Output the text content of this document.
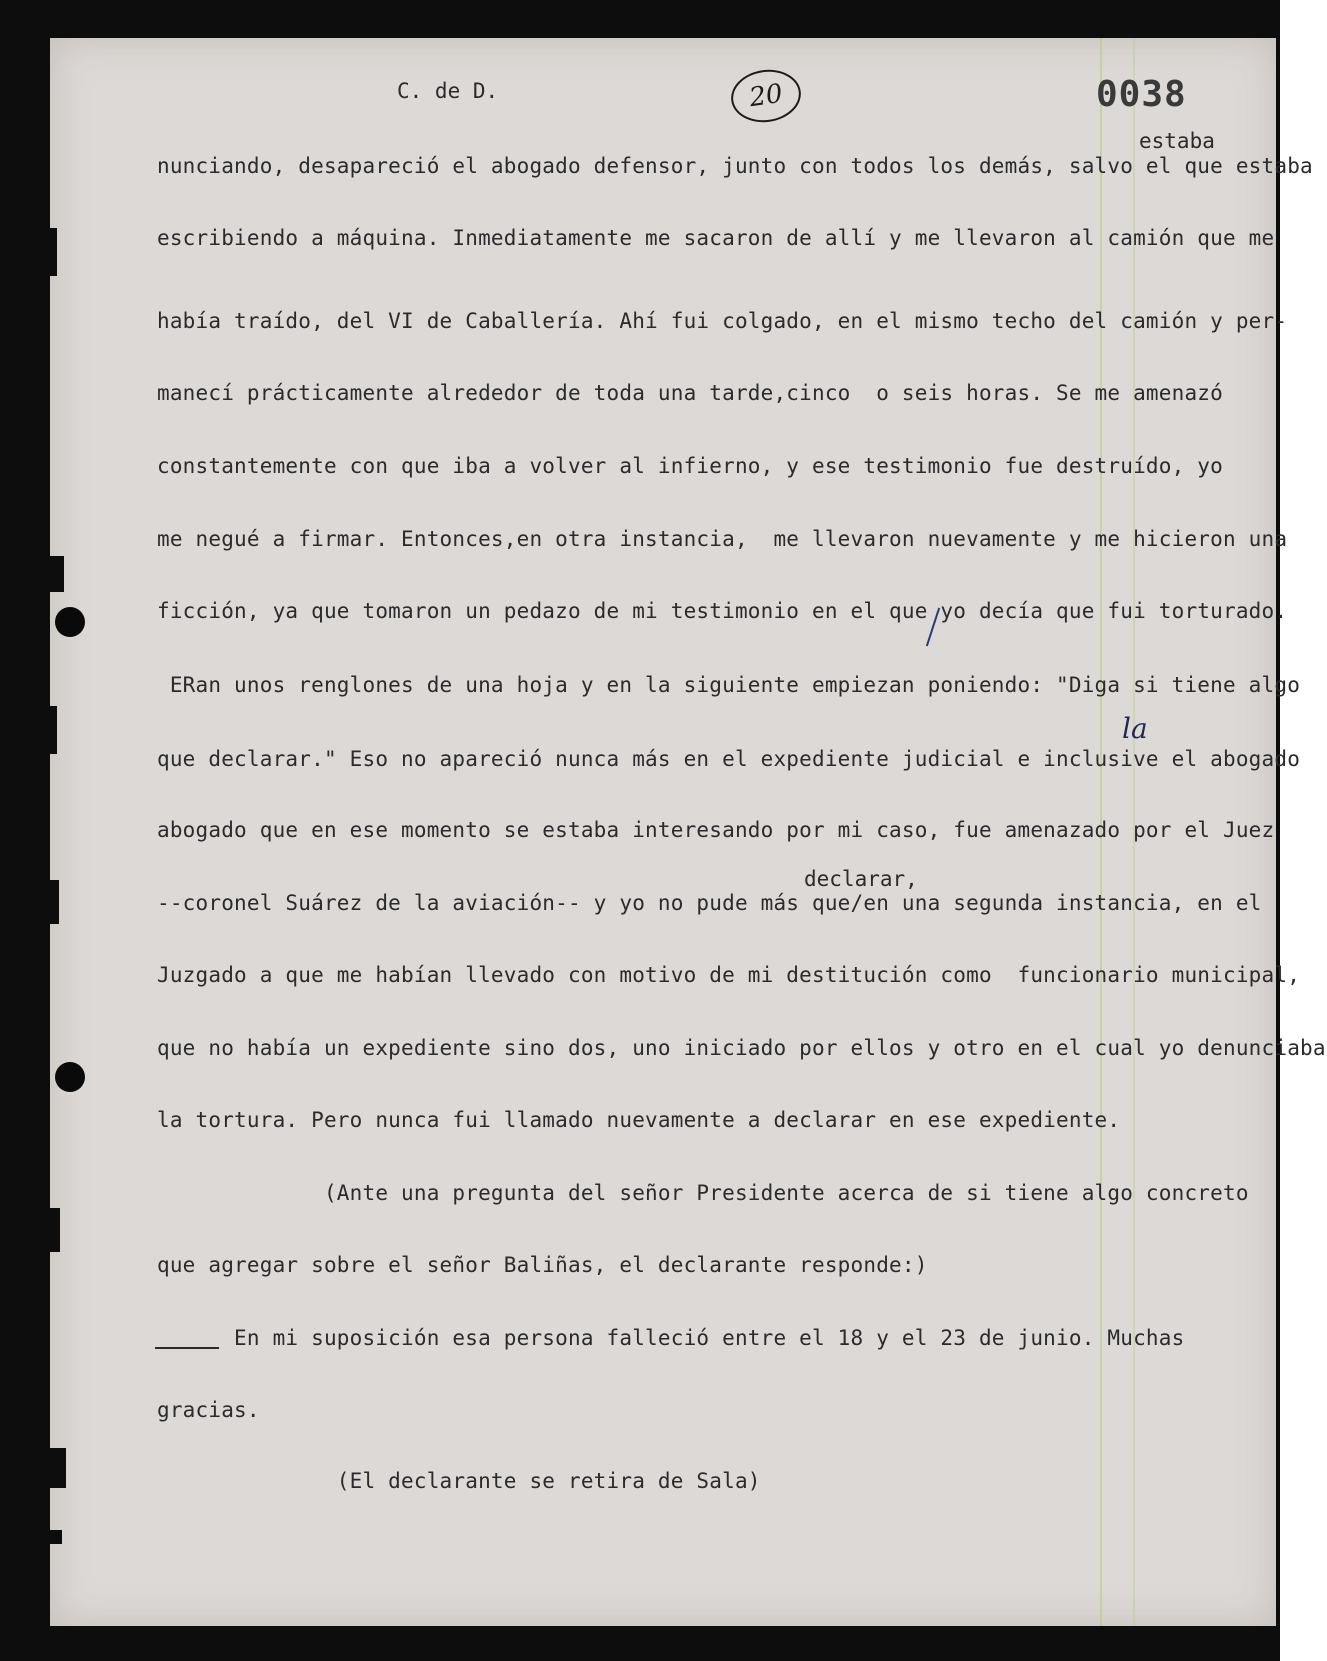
C. de D.	20	0038
estaba
la
declarar,
nunciando, desapareció el abogado defensor, junto con todos los demás, salvo el que estaba
escribiendo a máquina. Inmediatamente me sacaron de allí y me llevaron al camión que me
había traído, del VI de Caballería. Ahí fui colgado, en el mismo techo del camión y per-
manecí prácticamente alrededor de toda una tarde,cinco  o seis horas. Se me amenazó
constantemente con que iba a volver al infierno, y ese testimonio fue destruído, yo
me negué a firmar. Entonces,en otra instancia,  me llevaron nuevamente y me hicieron una
ficción, ya que tomaron un pedazo de mi testimonio en el que yo decía que fui torturado.
ERan unos renglones de una hoja y en la siguiente empiezan poniendo: "Diga si tiene algo
que declarar." Eso no apareció nunca más en el expediente judicial e inclusive el abogado
abogado que en ese momento se estaba interesando por mi caso, fue amenazado por el Juez
--coronel Suárez de la aviación-- y yo no pude más que/en una segunda instancia, en el
Juzgado a que me habían llevado con motivo de mi destitución como  funcionario municipal,
que no había un expediente sino dos, uno iniciado por ellos y otro en el cual yo denunciaba
la tortura. Pero nunca fui llamado nuevamente a declarar en ese expediente.
(Ante una pregunta del señor Presidente acerca de si tiene algo concreto
que agregar sobre el señor Baliñas, el declarante responde:)
En mi suposición esa persona falleció entre el 18 y el 23 de junio. Muchas
gracias.
(El declarante se retira de Sala)
